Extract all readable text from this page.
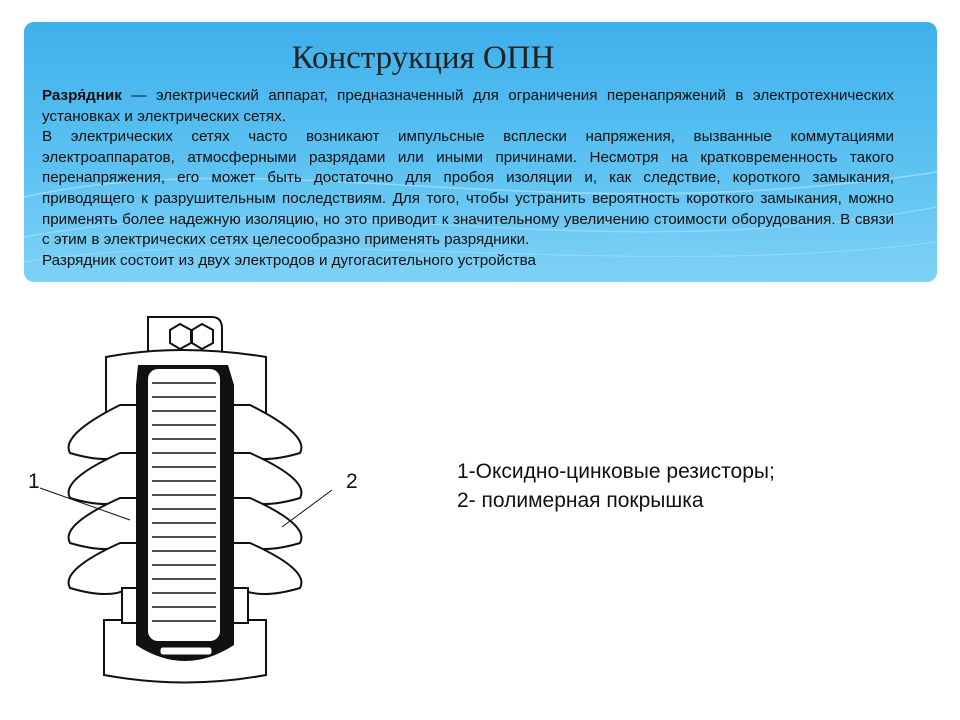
Конструкция ОПН

Разря́дник — электрический аппарат, предназначенный для ограничения перенапряжений в электротехнических установках и электрических сетях.

В электрических сетях часто возникают импульсные всплески напряжения, вызванные коммутациями электроаппаратов, атмосферными разрядами или иными причинами. Несмотря на кратковременность такого перенапряжения, его может быть достаточно для пробоя изоляции и, как следствие, короткого замыкания, приводящего к разрушительным последствиям. Для того, чтобы устранить вероятность короткого замыкания, можно применять более надежную изоляцию, но это приводит к значительному увеличению стоимости оборудования. В связи с этим в электрических сетях целесообразно применять разрядники.

Разрядник состоит из двух электродов и дугогасительного устройства

1	2	1-Оксидно-цинковые резисторы;
2- полимерная покрышка
